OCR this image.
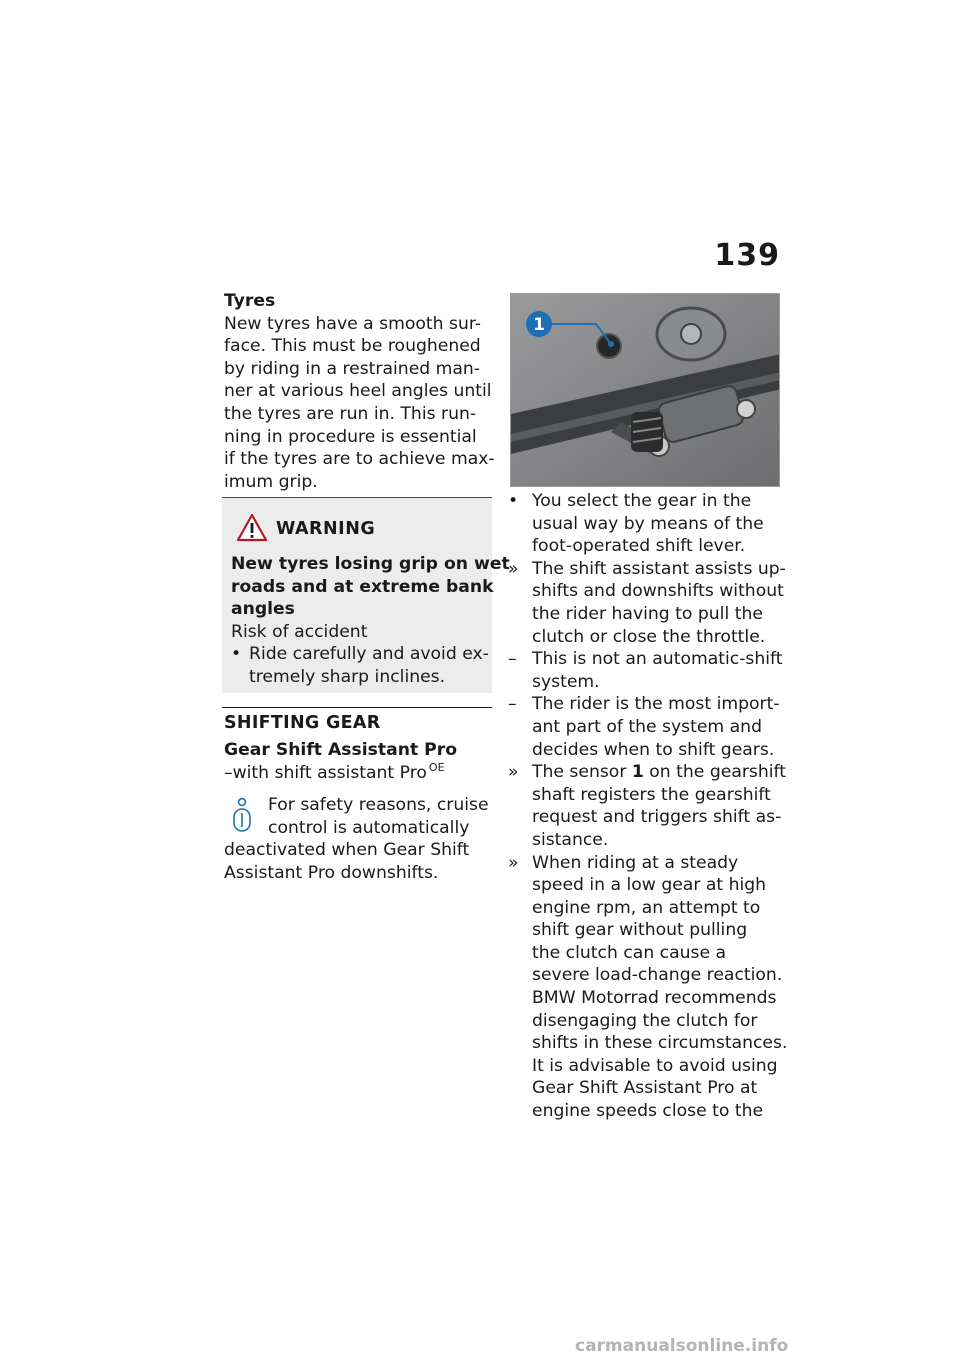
139
Tyres
New tyres have a smooth sur-
face. This must be roughened
by riding in a restrained man-
ner at various heel angles until
the tyres are run in. This run-
ning in procedure is essential
if the tyres are to achieve max-
imum grip.
WARNING
New tyres losing grip on wet
roads and at extreme bank
angles
Risk of accident
• Ride carefully and avoid ex-
tremely sharp inclines.
SHIFTING GEAR
Gear Shift Assistant Pro
–with shift assistant Pro $^{OE}$
For safety reasons, cruise
control is automatically
deactivated when Gear Shift
Assistant Pro downshifts.
1
• You select the gear in the
usual way by means of the
foot-operated shift lever.
» The shift assistant assists up-
shifts and downshifts without
the rider having to pull the
clutch or close the throttle.
– This is not an automatic-shift
system.
– The rider is the most import-
ant part of the system and
decides when to shift gears.
» The sensor 1 on the gearshift
shaft registers the gearshift
request and triggers shift as-
sistance.
» When riding at a steady
speed in a low gear at high
engine rpm, an attempt to
shift gear without pulling
the clutch can cause a
severe load-change reaction.
BMW Motorrad recommends
disengaging the clutch for
shifts in these circumstances.
It is advisable to avoid using
Gear Shift Assistant Pro at
engine speeds close to the
carmanualsonline.info
